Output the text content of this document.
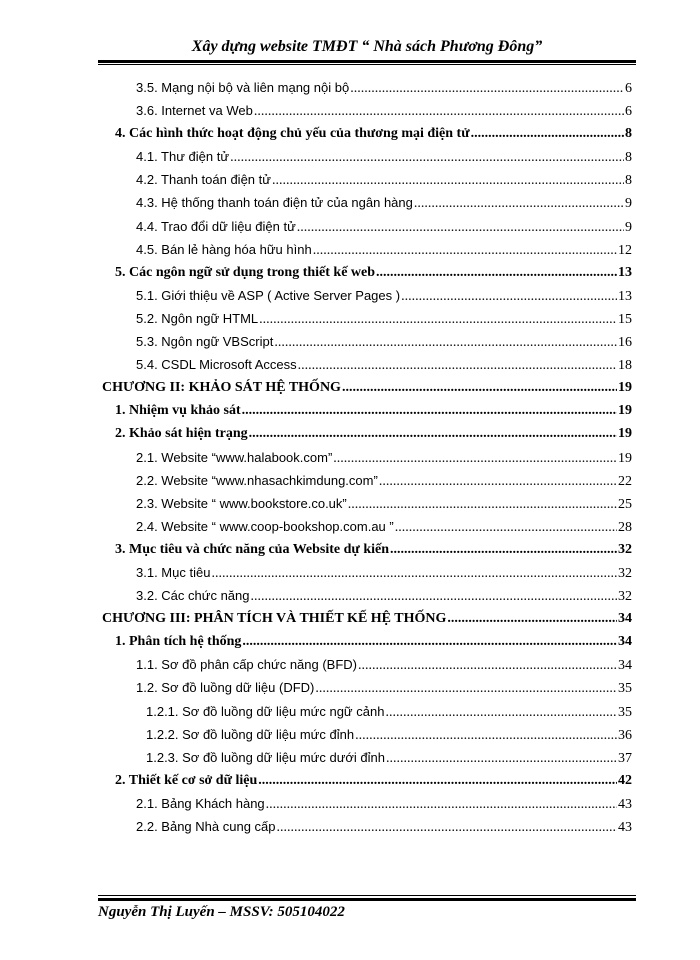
Xây dựng website TMĐT “ Nhà sách Phương Đông”
3.5. Mạng nội bộ và liên mạng nội bộ .....	6
3.6. Internet va Web .....	6
4. Các hình thức hoạt động chủ yếu của thương mại điện tử .....	8
4.1. Thư điện tử .....	8
4.2. Thanh toán điện tử .....	8
4.3. Hệ thống thanh toán điện tử của ngân hàng .....	9
4.4. Trao đổi dữ liệu điện tử .....	9
4.5. Bán lẻ hàng hóa hữu hình .....	12
5. Các ngôn ngữ sử dụng trong thiết kế web .....	13
5.1. Giới thiệu về ASP ( Active Server Pages ) .....	13
5.2. Ngôn ngữ HTML .....	15
5.3. Ngôn ngữ VBScript .....	16
5.4. CSDL Microsoft Access .....	18
CHƯƠNG II: KHẢO SÁT HỆ THỐNG .....	19
1. Nhiệm vụ khảo sát .....	19
2. Khảo sát hiện trạng .....	19
2.1. Website “www.halabook.com” .....	19
2.2. Website “www.nhasachkimdung.com” .....	22
2.3. Website “ www.bookstore.co.uk” .....	25
2.4. Website “ www.coop-bookshop.com.au ” .....	28
3. Mục tiêu và chức năng của Website dự kiến .....	32
3.1. Mục tiêu .....	32
3.2. Các chức năng .....	32
CHƯƠNG III: PHÂN TÍCH VÀ THIẾT KẾ HỆ THỐNG .....	34
1. Phân tích hệ thống .....	34
1.1. Sơ đồ phân cấp chức năng (BFD) .....	34
1.2. Sơ đồ luồng dữ liệu (DFD) .....	35
1.2.1. Sơ đồ luồng dữ liệu mức ngữ cảnh .....	35
1.2.2. Sơ đồ luồng dữ liệu mức đỉnh .....	36
1.2.3. Sơ đồ luồng dữ liệu mức dưới đỉnh .....	37
2. Thiết kế cơ sở dữ liệu .....	42
2.1. Bảng Khách hàng .....	43
2.2. Bảng Nhà cung cấp .....	43
Nguyễn Thị Luyến – MSSV: 505104022
